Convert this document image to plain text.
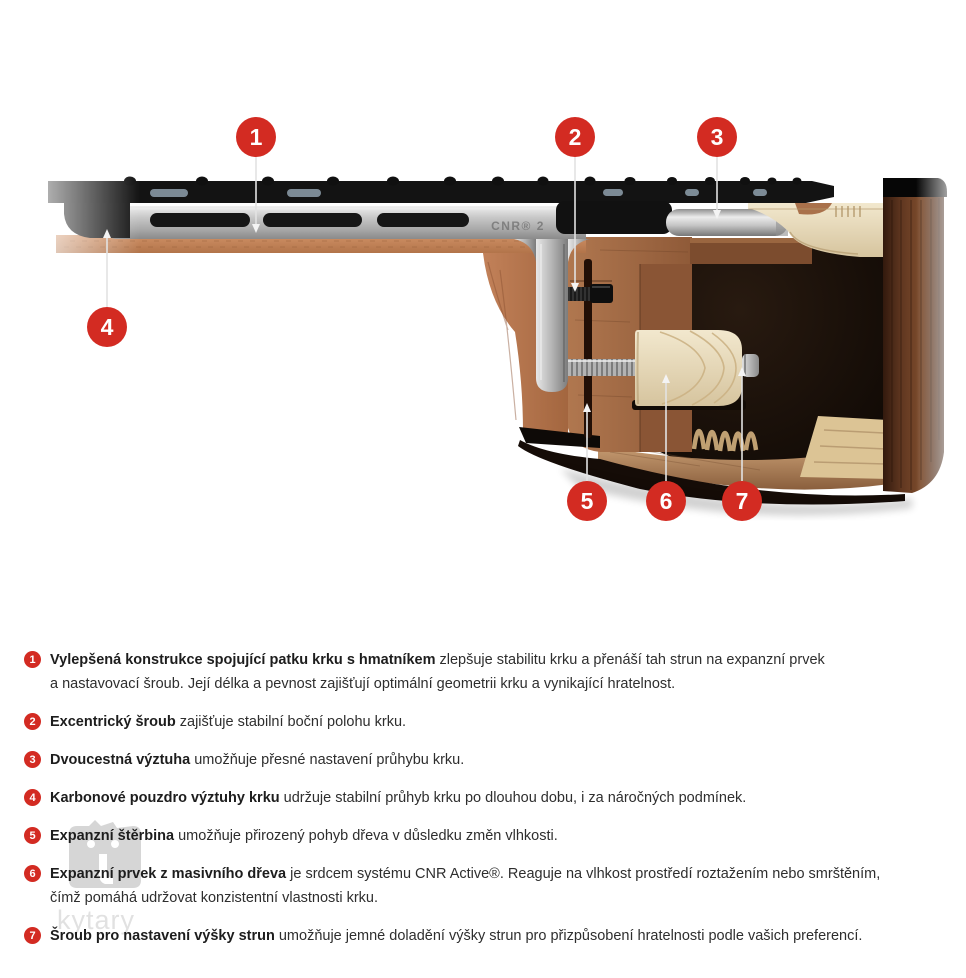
CNR® 2
1	2	3
4
5	6	7
kytary
1 Vylepšená konstrukce spojující patku krku s hmatníkem zlepšuje stabilitu krku a přenáší tah strun na expanzní prvek
a nastavovací šroub. Její délka a pevnost zajišťují optimální geometrii krku a vynikající hratelnost.
2 Excentrický šroub zajišťuje stabilní boční polohu krku.
3 Dvoucestná výztuha umožňuje přesné nastavení průhybu krku.
4 Karbonové pouzdro výztuhy krku udržuje stabilní průhyb krku po dlouhou dobu, i za náročných podmínek.
5 Expanzní štěrbina umožňuje přirozený pohyb dřeva v důsledku změn vlhkosti.
6 Expanzní prvek z masivního dřeva je srdcem systému CNR Active®. Reaguje na vlhkost prostředí roztažením nebo smrštěním,
čímž pomáhá udržovat konzistentní vlastnosti krku.
7 Šroub pro nastavení výšky strun umožňuje jemné doladění výšky strun pro přizpůsobení hratelnosti podle vašich preferencí.
